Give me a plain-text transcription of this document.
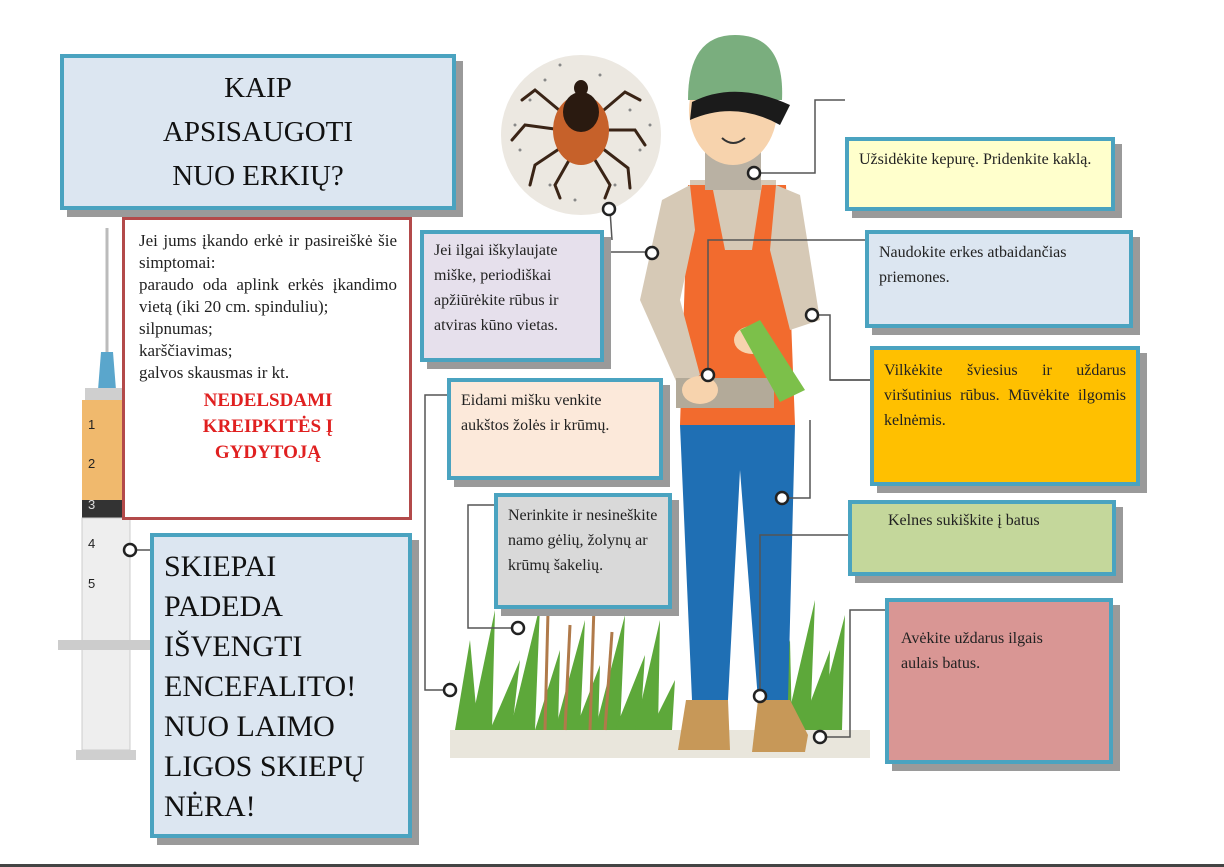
1
2
3
4
5
KAIP APSISAUGOTI NUO ERKIŲ?
Jei jums įkando erkė ir pasireiškė šie simptomai:
paraudo oda aplink erkės įkandimo vietą (iki 20 cm. spinduliu);
silpnumas;
karščiavimas;
galvos skausmas ir kt.
NEDELSDAMI KREIPKITĖS Į GYDYTOJĄ
SKIEPAI PADEDA IŠVENGTI ENCEFALITO! NUO LAIMO LIGOS SKIEPŲ NĖRA!
Jei ilgai iškylaujate miške, periodiškai apžiūrėkite rūbus ir atviras kūno vietas.
Eidami mišku venkite aukštos žolės ir krūmų.
Nerinkite ir nesineškite namo gėlių, žolynų ar krūmų šakelių.
Užsidėkite kepurę. Pridenkite kaklą.
Naudokite erkes atbaidančias priemones.
Vilkėkite šviesius ir uždarus viršutinius rūbus. Mūvėkite ilgomis kelnėmis.
Kelnes sukiškite į batus
Avėkite uždarus ilgais aulais batus.
